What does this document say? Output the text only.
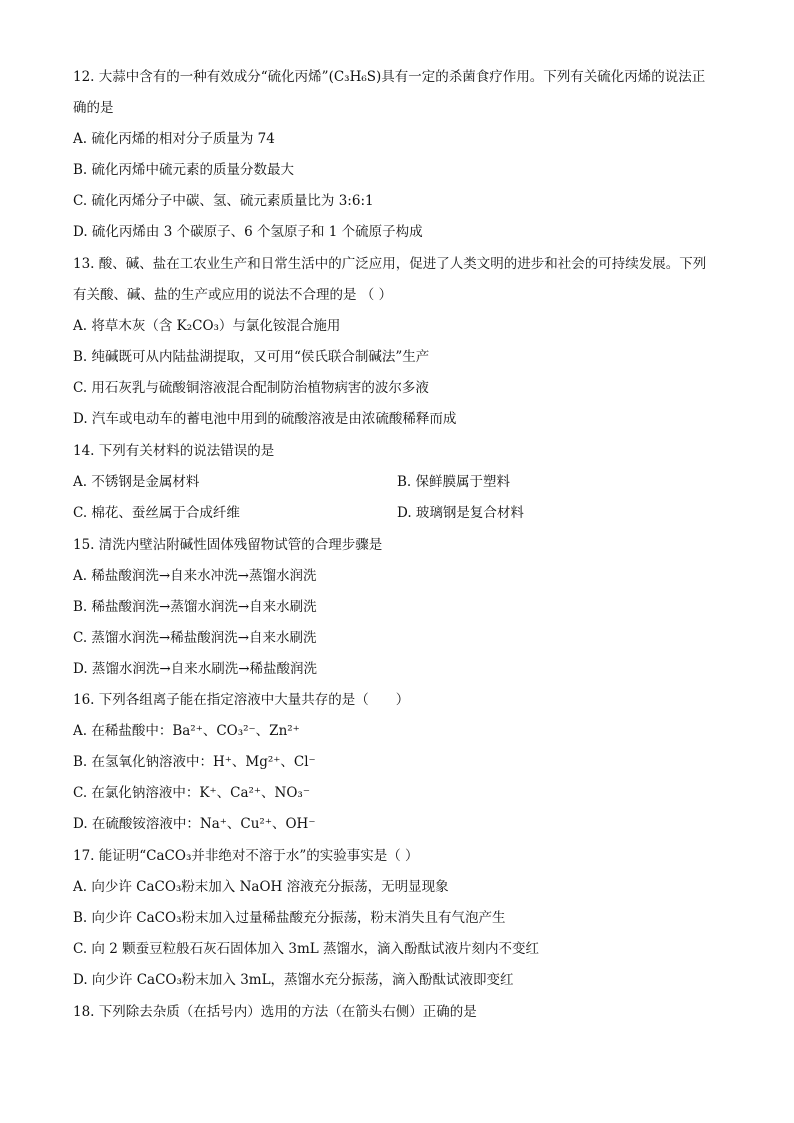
12. 大蒜中含有的一种有效成分“硫化丙烯”(C₃H₆S)具有一定的杀菌食疗作用。下列有关硫化丙烯的说法正
确的是
A. 硫化丙烯的相对分子质量为 74
B. 硫化丙烯中硫元素的质量分数最大
C. 硫化丙烯分子中碳、氢、硫元素质量比为 3:6:1
D. 硫化丙烯由 3 个碳原子、6 个氢原子和 1 个硫原子构成
13. 酸、碱、盐在工农业生产和日常生活中的广泛应用，促进了人类文明的进步和社会的可持续发展。下列
有关酸、碱、盐的生产或应用的说法不合理的是 （ ）
A. 将草木灰（含 K₂CO₃）与氯化铵混合施用
B. 纯碱既可从内陆盐湖提取，又可用“侯氏联合制碱法”生产
C. 用石灰乳与硫酸铜溶液混合配制防治植物病害的波尔多液
D. 汽车或电动车的蓄电池中用到的硫酸溶液是由浓硫酸稀释而成
14. 下列有关材料的说法错误的是
A. 不锈钢是金属材料	B. 保鲜膜属于塑料
C. 棉花、蚕丝属于合成纤维	D. 玻璃钢是复合材料
15. 清洗内壁沾附碱性固体残留物试管的合理步骤是
A. 稀盐酸润洗→自来水冲洗→蒸馏水润洗
B. 稀盐酸润洗→蒸馏水润洗→自来水刷洗
C. 蒸馏水润洗→稀盐酸润洗→自来水刷洗
D. 蒸馏水润洗→自来水刷洗→稀盐酸润洗
16. 下列各组离子能在指定溶液中大量共存的是（　　）
A. 在稀盐酸中：Ba²⁺、CO₃²⁻、Zn²⁺
B. 在氢氧化钠溶液中：H⁺、Mg²⁺、Cl⁻
C. 在氯化钠溶液中：K⁺、Ca²⁺、NO₃⁻
D. 在硫酸铵溶液中：Na⁺、Cu²⁺、OH⁻
17. 能证明“CaCO₃并非绝对不溶于水”的实验事实是（ ）
A. 向少许 CaCO₃粉末加入 NaOH 溶液充分振荡，无明显现象
B. 向少许 CaCO₃粉末加入过量稀盐酸充分振荡，粉末消失且有气泡产生
C. 向 2 颗蚕豆粒般石灰石固体加入 3mL 蒸馏水，滴入酚酞试液片刻内不变红
D. 向少许 CaCO₃粉末加入 3mL，蒸馏水充分振荡，滴入酚酞试液即变红
18. 下列除去杂质（在括号内）选用的方法（在箭头右侧）正确的是
